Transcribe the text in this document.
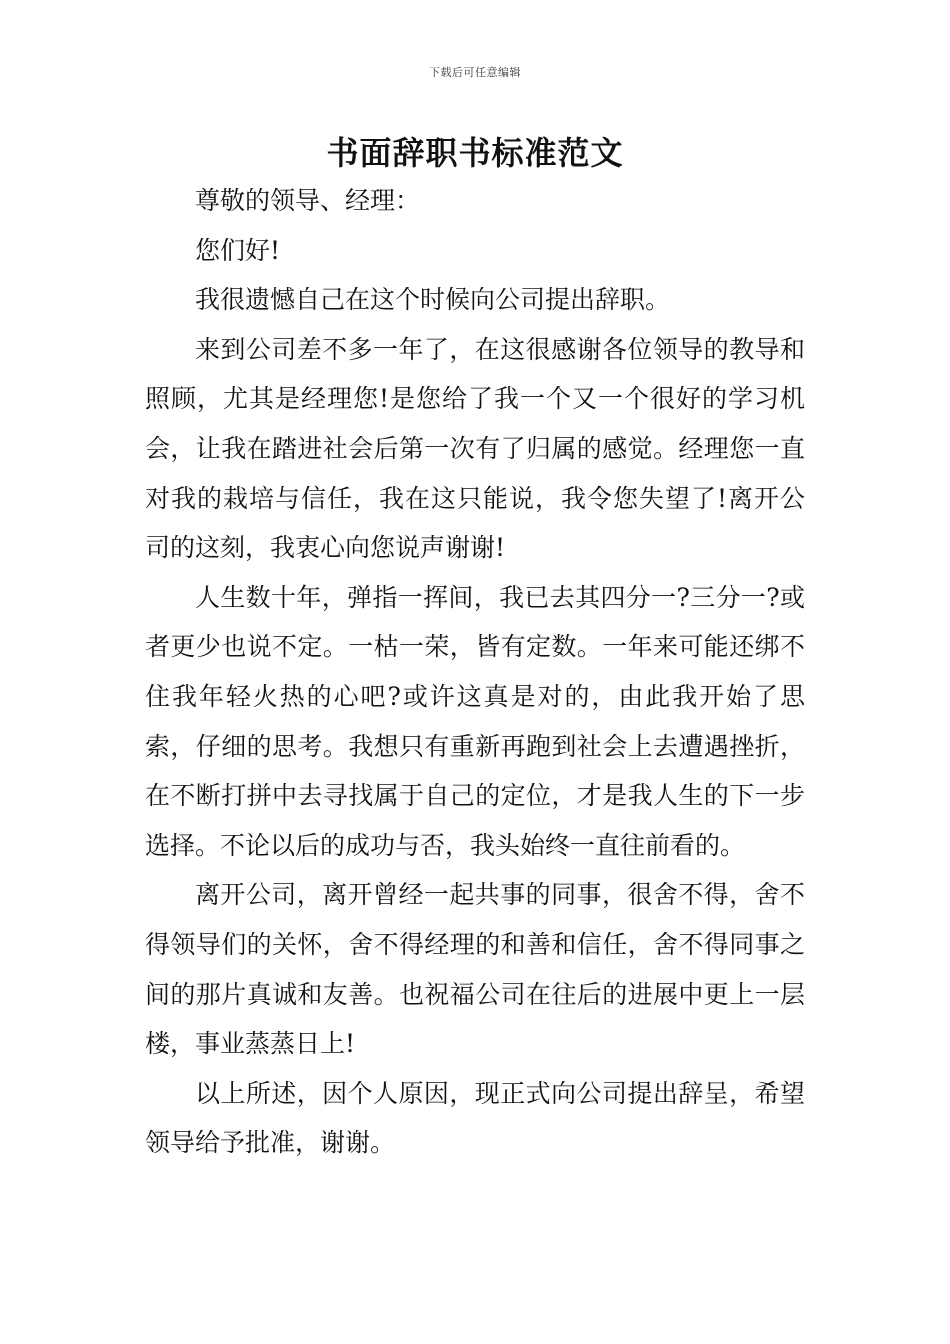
下载后可任意编辑
书面辞职书标准范文

尊敬的领导、经理：

您们好!

我很遗憾自己在这个时候向公司提出辞职。

来到公司差不多一年了，在这很感谢各位领导的教导和照顾，尤其是经理您!是您给了我一个又一个很好的学习机会，让我在踏进社会后第一次有了归属的感觉。经理您一直对我的栽培与信任，我在这只能说，我令您失望了!离开公司的这刻，我衷心向您说声谢谢!

人生数十年，弹指一挥间，我已去其四分一?三分一?或者更少也说不定。一枯一荣，皆有定数。一年来可能还绑不住我年轻火热的心吧?或许这真是对的，由此我开始了思索，仔细的思考。我想只有重新再跑到社会上去遭遇挫折，在不断打拼中去寻找属于自己的定位，才是我人生的下一步选择。不论以后的成功与否，我头始终一直往前看的。

离开公司，离开曾经一起共事的同事，很舍不得，舍不得领导们的关怀，舍不得经理的和善和信任，舍不得同事之间的那片真诚和友善。也祝福公司在往后的进展中更上一层楼，事业蒸蒸日上!

以上所述，因个人原因，现正式向公司提出辞呈，希望领导给予批准，谢谢。
